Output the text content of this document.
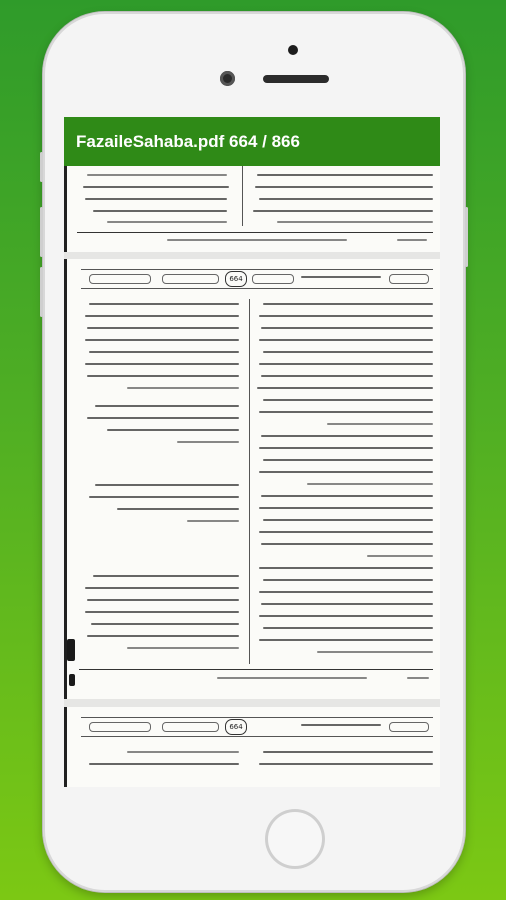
664
664
FazaileSahaba.pdf 664 / 866
